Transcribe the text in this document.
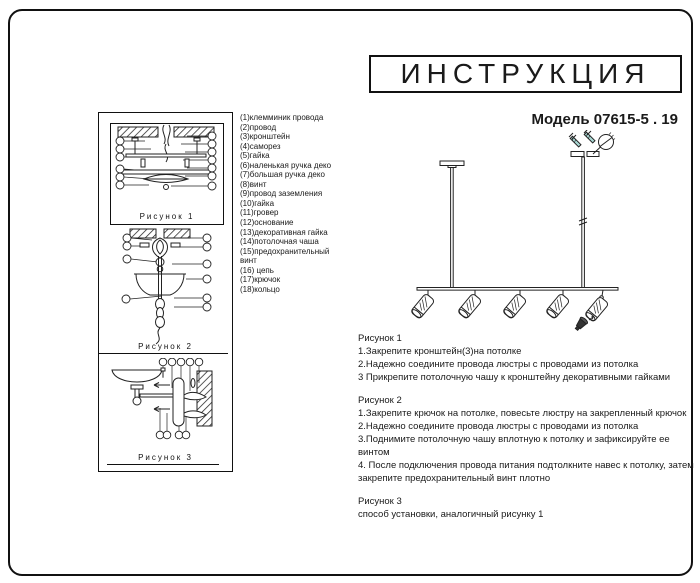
Рисунок 1
Рисунок 2
Рисунок 3
(1)клемминик провода
(2)провод
(3)кронштейн
(4)саморез
(5)гайка
(6)наленькая ручка деко
(7)большая ручка деко
(8)винт
(9)провод заземления
(10)гайка
(11)гровер
(12)основание
(13)декоративная гайка
(14)потолочная чаша
(15)предохранительный винт
(16) цепь
(17)крючок
(18)кольцо
ИНСТРУКЦИЯ
Модель 07615-5 . 19
Рисунок 1
1.Закрепите кронштейн(3)на потолке
2.Надежно соедините провода люстры с проводами из потолка
3 Прикрепите потолочную чашу к кронштейну декоративными гайками
Рисунок 2
1.Закрепите крючок на потолке, повесьте люстру на закрепленный крючок
2.Надежно соедините провода люстры с проводами из потолка
3.Поднимите потолочную чашу вплотную к потолку и зафиксируйте ее винтом
4. После подключения провода питания подтолкните навес к потолку, затем закрепите предохранительный винт плотно
Рисунок 3
способ установки, аналогичный рисунку 1
